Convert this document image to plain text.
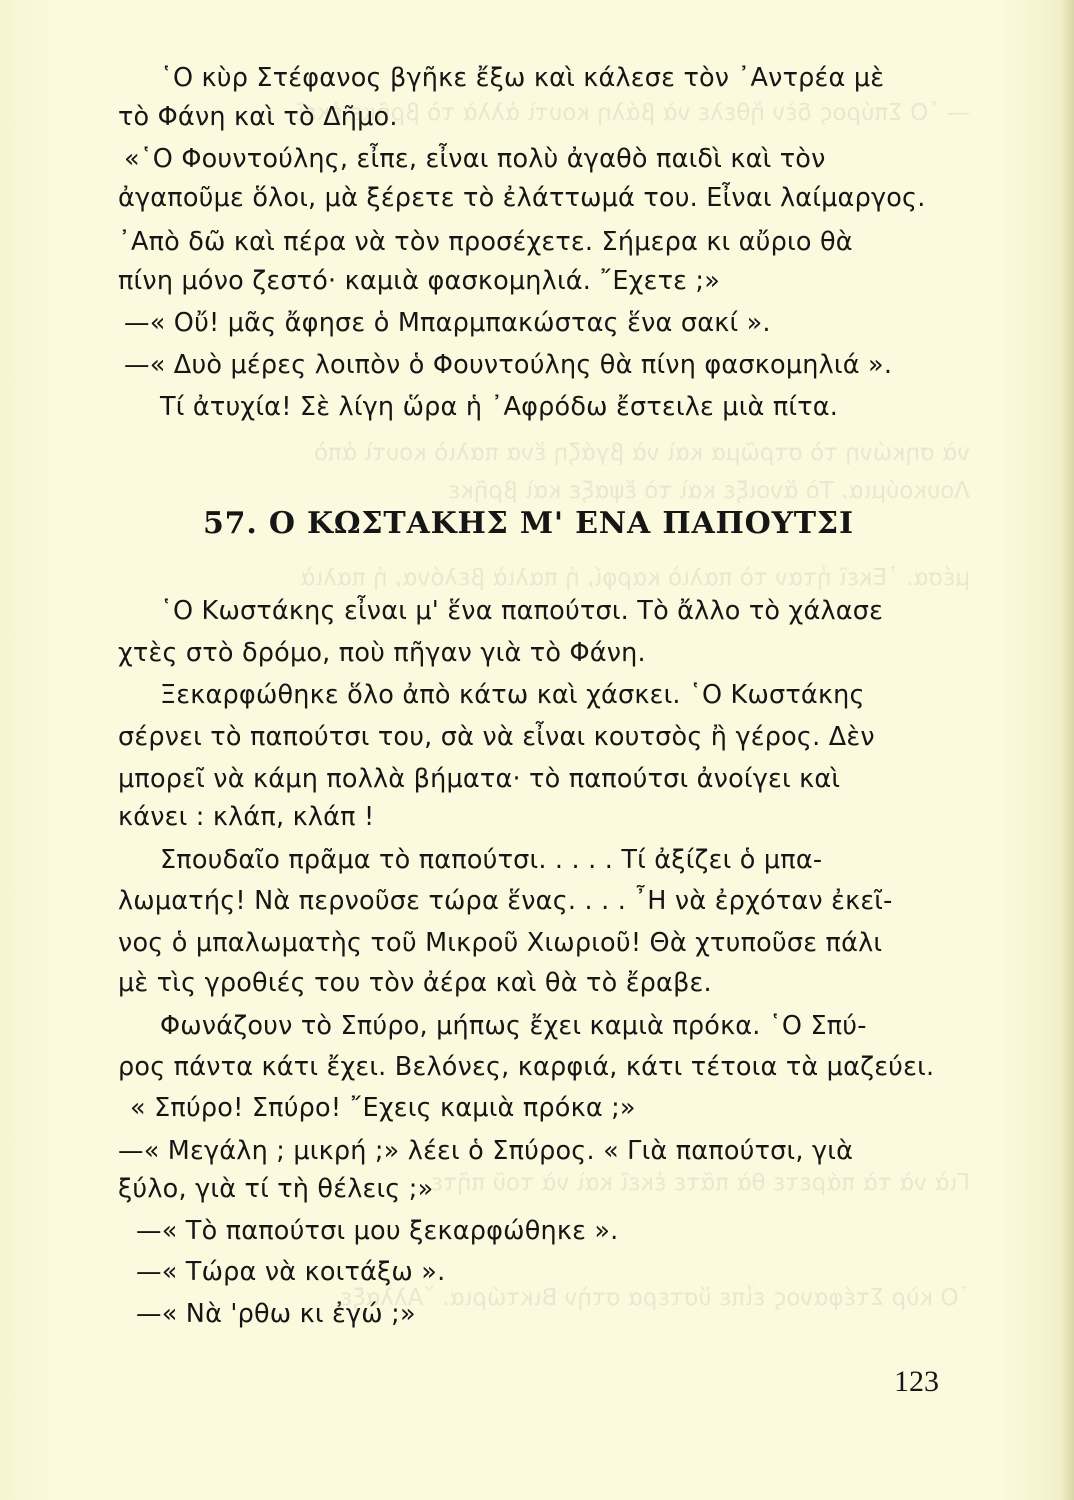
— ῾Ο Σπύρος δὲν ἤθελε νὰ βάλη κουτὶ ἀλλὰ τὸ βρῆκε ἐκεῖ
νὰ σηκώνη τὸ στρῶμα καὶ νὰ βγάζη ἕνα παλιὸ κουτὶ ἀπὸ
Λουκούμια. Τὸ ἄνοιξε καὶ τὸ ἔψαξε καὶ βρῆκε
μέσα. ᾿Εκεῖ ἦταν τὸ παλιὸ καρφί, ἡ παλιὰ βελόνα, ἡ παλιὰ
Γιὰ νὰ τὰ πάρετε θὰ πᾶτε ἐκεῖ καὶ νὰ τοῦ πῆτε
῾Ο κὺρ Στέφανος εἶπε ὕστερα στὴν Βικτώρια. ῎Αλλαξε
῾Ο κὺρ Στέφανος βγῆκε ἔξω καὶ κάλεσε τὸν ᾿Αντρέα μὲ
τὸ Φάνη καὶ τὸ Δῆμο.
«῾Ο Φουντούλης, εἶπε, εἶναι πολὺ ἀγαθὸ παιδὶ καὶ τὸν
ἀγαποῦμε ὅλοι, μὰ ξέρετε τὸ ἐλάττωμά του. Εἶναι λαίμαργος.
᾿Απὸ δῶ καὶ πέρα νὰ τὸν προσέχετε. Σήμερα κι αὔριο θὰ
πίνη μόνο ζεστό· καμιὰ φασκομηλιά. ῎Εχετε ;»
—« Οὔ! μᾶς ἄφησε ὁ Μπαρμπακώστας ἕνα σακί ».
—« Δυὸ μέρες λοιπὸν ὁ Φουντούλης θὰ πίνη φασκομηλιά ».
Τί ἀτυχία! Σὲ λίγη ὥρα ἡ ᾿Αφρόδω ἔστειλε μιὰ πίτα.
57. Ο ΚΩΣΤΑΚΗΣ Μ' ΕΝΑ ΠΑΠΟΥΤΣΙ
῾Ο Κωστάκης εἶναι μ' ἕνα παπούτσι. Τὸ ἄλλο τὸ χάλασε
χτὲς στὸ δρόμο, ποὺ πῆγαν γιὰ τὸ Φάνη.
Ξεκαρφώθηκε ὅλο ἀπὸ κάτω καὶ χάσκει. ῾Ο Κωστάκης
σέρνει τὸ παπούτσι του, σὰ νὰ εἶναι κουτσὸς ἢ γέρος. Δὲν
μπορεῖ νὰ κάμη πολλὰ βήματα· τὸ παπούτσι ἀνοίγει καὶ
κάνει : κλάπ, κλάπ !
Σπουδαῖο πρᾶμα τὸ παπούτσι. . . . . Τί ἀξίζει ὁ μπα-
λωματής! Νὰ περνοῦσε τώρα ἕνας. . . . ῏Η νὰ ἐρχόταν ἐκεῖ-
νος ὁ μπαλωματὴς τοῦ Μικροῦ Χιωριοῦ! Θὰ χτυποῦσε πάλι
μὲ τὶς γροθιές του τὸν ἀέρα καὶ θὰ τὸ ἔραβε.
Φωνάζουν τὸ Σπύρο, μήπως ἔχει καμιὰ πρόκα. ῾Ο Σπύ-
ρος πάντα κάτι ἔχει. Βελόνες, καρφιά, κάτι τέτοια τὰ μαζεύει.
« Σπύρο! Σπύρο! ῎Εχεις καμιὰ πρόκα ;»
—« Μεγάλη ; μικρή ;» λέει ὁ Σπύρος. « Γιὰ παπούτσι, γιὰ
ξύλο, γιὰ τί τὴ θέλεις ;»
—« Τὸ παπούτσι μου ξεκαρφώθηκε ».
—« Τώρα νὰ κοιτάξω ».
—« Νὰ 'ρθω κι ἐγώ ;»
123
